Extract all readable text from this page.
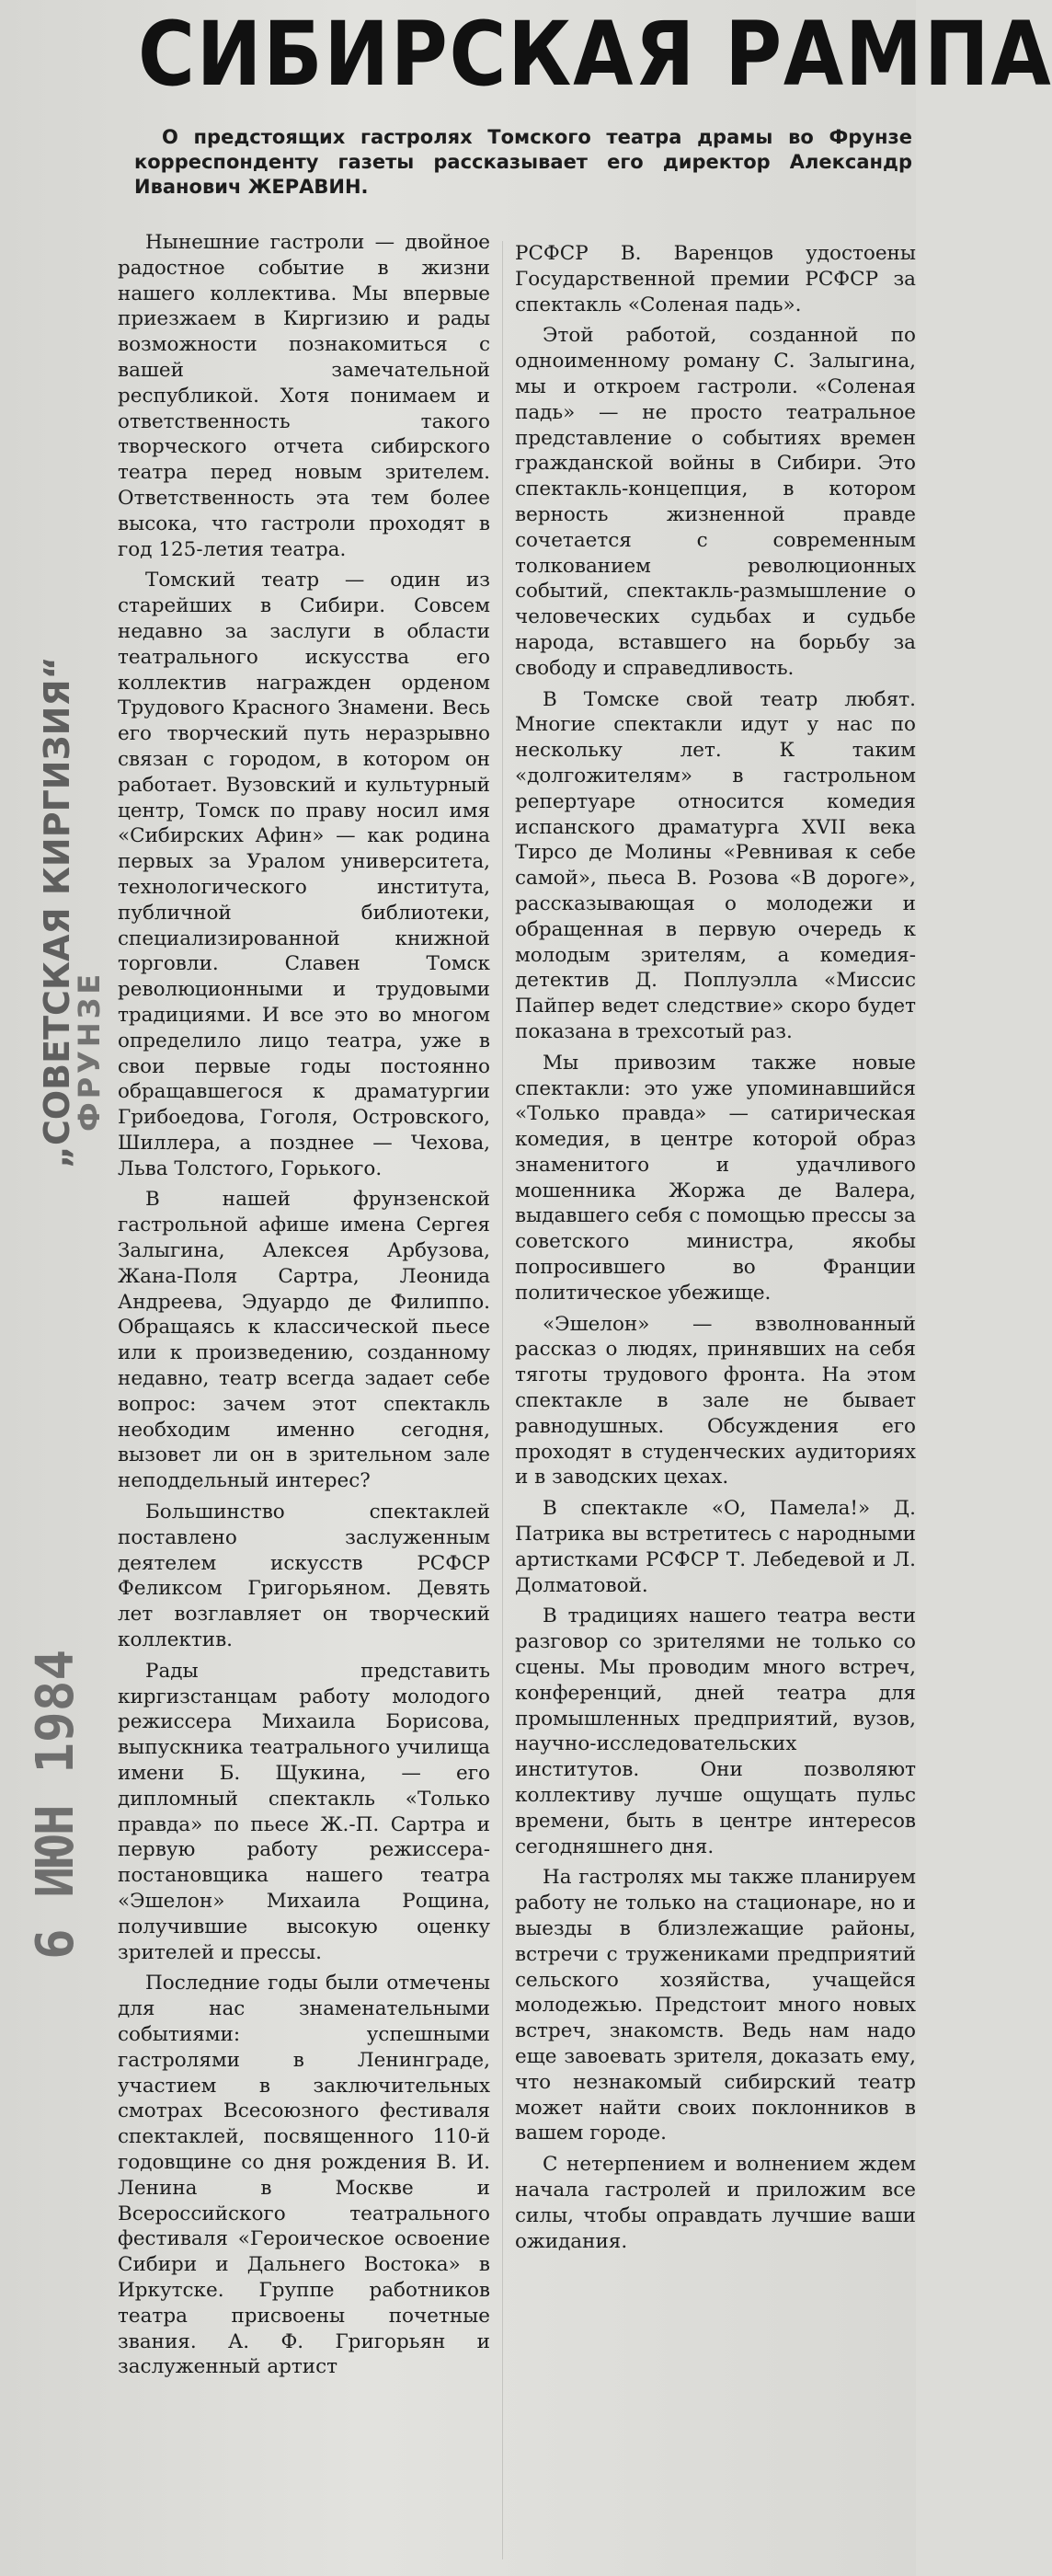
СИБИРСКАЯ РАМПА

О предстоящих гастролях Томского театра драмы во Фрунзе корреспонденту газеты рассказывает его директор Александр Иванович ЖЕРАВИН.

Нынешние гастроли — двойное радостное событие в жизни нашего коллектива. Мы впервые приезжаем в Киргизию и рады возможности познакомиться с вашей замечательной республикой. Хотя понимаем и ответственность такого творческого отчета сибирского театра перед новым зрителем. Ответственность эта тем более высока, что гастроли проходят в год 125-летия театра.

Томский театр — один из старейших в Сибири. Совсем недавно за заслуги в области театрального искусства его коллектив награжден орденом Трудового Красного Знамени. Весь его творческий путь неразрывно связан с городом, в котором он работает. Вузовский и культурный центр, Томск по праву носил имя «Сибирских Афин» — как родина первых за Уралом университета, технологического института, публичной библиотеки, специализированной книжной торговли. Славен Томск революционными и трудовыми традициями. И все это во многом определило лицо театра, уже в свои первые годы постоянно обращавшегося к драматургии Грибоедова, Гоголя, Островского, Шиллера, а позднее — Чехова, Льва Толстого, Горького.

В нашей фрунзенской гастрольной афише имена Сергея Залыгина, Алексея Арбузова, Жана-Поля Сартра, Леонида Андреева, Эдуардо де Филиппо. Обращаясь к классической пьесе или к произведению, созданному недавно, театр всегда задает себе вопрос: зачем этот спектакль необходим именно сегодня, вызовет ли он в зрительном зале неподдельный интерес?

Большинство спектаклей поставлено заслуженным деятелем искусств РСФСР Феликсом Григорьяном. Девять лет возглавляет он творческий коллектив.

Рады представить киргизстанцам работу молодого режиссера Михаила Борисова, выпускника театрального училища имени Б. Щукина, — его дипломный спектакль «Только правда» по пьесе Ж.-П. Сартра и первую работу режиссера-постановщика нашего театра «Эшелон» Михаила Рощина, получившие высокую оценку зрителей и прессы.

Последние годы были отмечены для нас знаменательными событиями: успешными гастролями в Ленинграде, участием в заключительных смотрах Всесоюзного фестиваля спектаклей, посвященного 110-й годовщине со дня рождения В. И. Ленина в Москве и Всероссийского театрального фестиваля «Героическое освоение Сибири и Дальнего Востока» в Иркутске. Группе работников театра присвоены почетные звания. А. Ф. Григорьян и заслуженный артист

РСФСР В. Варенцов удостоены Государственной премии РСФСР за спектакль «Соленая падь».

Этой работой, созданной по одноименному роману С. Залыгина, мы и откроем гастроли. «Соленая падь» — не просто театральное представление о событиях времен гражданской войны в Сибири. Это спектакль-концепция, в котором верность жизненной правде сочетается с современным толкованием революционных событий, спектакль-размышление о человеческих судьбах и судьбе народа, вставшего на борьбу за свободу и справедливость.

В Томске свой театр любят. Многие спектакли идут у нас по нескольку лет. К таким «долгожителям» в гастрольном репертуаре относится комедия испанского драматурга XVII века Тирсо де Молины «Ревнивая к себе самой», пьеса В. Розова «В дороге», рассказывающая о молодежи и обращенная в первую очередь к молодым зрителям, а комедия-детектив Д. Поплуэлла «Миссис Пайпер ведет следствие» скоро будет показана в трехсотый раз.

Мы привозим также новые спектакли: это уже упоминавшийся «Только правда» — сатирическая комедия, в центре которой образ знаменитого и удачливого мошенника Жоржа де Валера, выдавшего себя с помощью прессы за советского министра, якобы попросившего во Франции политическое убежище.

«Эшелон» — взволнованный рассказ о людях, принявших на себя тяготы трудового фронта. На этом спектакле в зале не бывает равнодушных. Обсуждения его проходят в студенческих аудиториях и в заводских цехах.

В спектакле «О, Памела!» Д. Патрика вы встретитесь с народными артистками РСФСР Т. Лебедевой и Л. Долматовой.

В традициях нашего театра вести разговор со зрителями не только со сцены. Мы проводим много встреч, конференций, дней театра для промышленных предприятий, вузов, научно-исследовательских институтов. Они позволяют коллективу лучше ощущать пульс времени, быть в центре интересов сегодняшнего дня.

На гастролях мы также планируем работу не только на стационаре, но и выезды в близлежащие районы, встречи с тружениками предприятий сельского хозяйства, учащейся молодежью. Предстоит много новых встреч, знакомств. Ведь нам надо еще завоевать зрителя, доказать ему, что незнакомый сибирский театр может найти своих поклонников в вашем городе.

С нетерпением и волнением ждем начала гастролей и приложим все силы, чтобы оправдать лучшие ваши ожидания.

„СОВЕТСКАЯ КИРГИЗИЯ“
ФРУНЗЕ
6 ИЮН 1984
